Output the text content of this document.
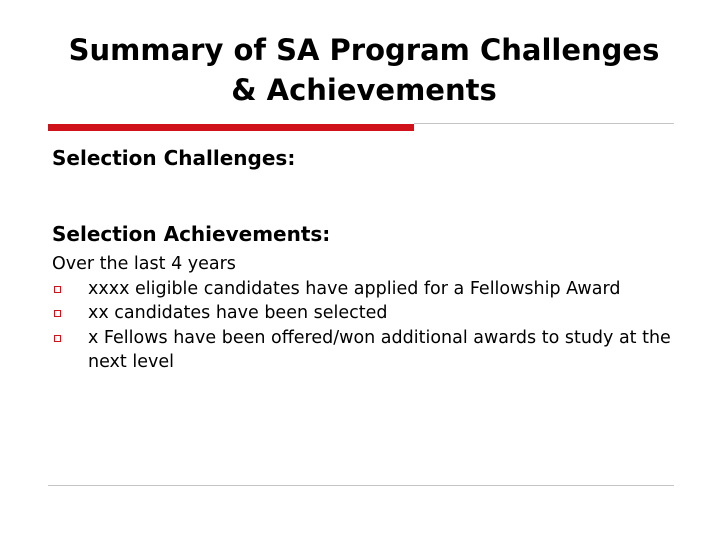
Summary of SA Program Challenges
& Achievements
Selection Challenges:
Selection Achievements:
Over the last 4 years
xxxx eligible candidates have applied for a Fellowship Award
xx candidates have been selected
x Fellows have been offered/won additional awards to study at the next level
